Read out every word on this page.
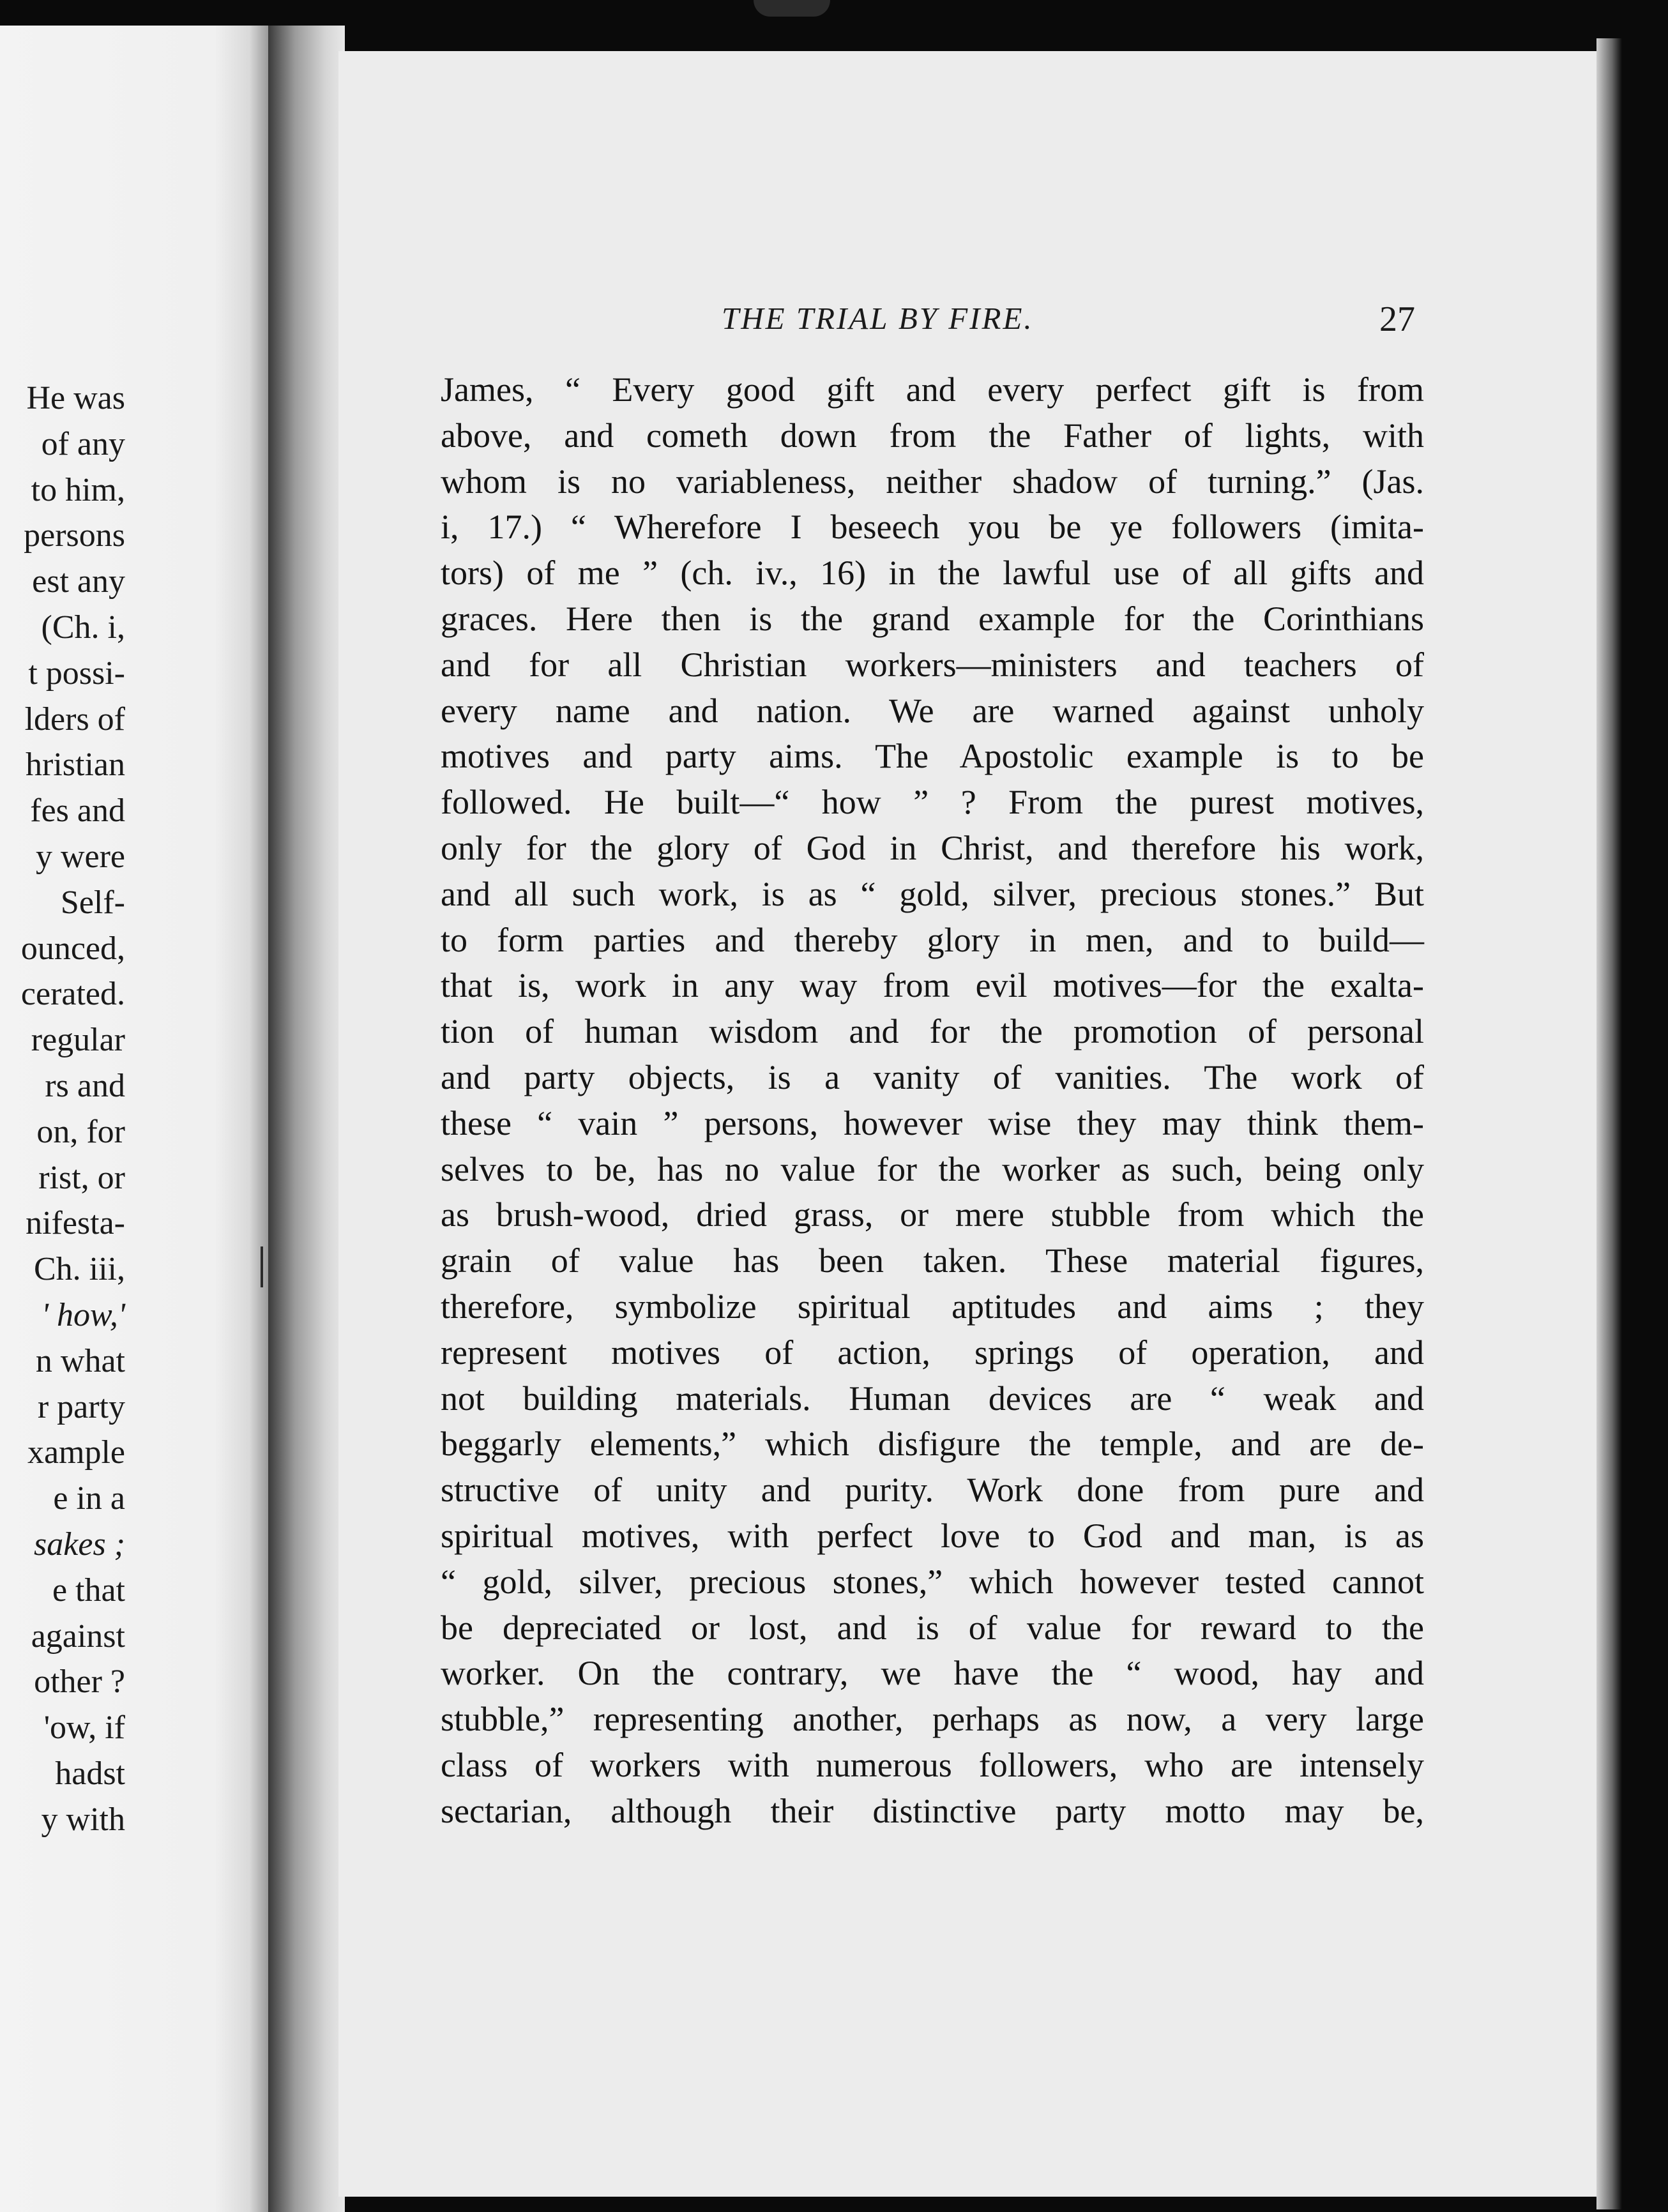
He was
of any
to him,
persons
est any
(Ch. i,
t possi-
lders of
hristian
fes and
y were
Self-
ounced,
cerated.
regular
rs and
on, for
rist, or
nifesta-
Ch. iii,
' how,'
n what
r party
xample
e in a
sakes ;
e that
against
other ?
'ow, if
hadst
y with
THE TRIAL BY FIRE.	27
James, “ Every good gift and every perfect gift is from
above, and cometh down from the Father of lights, with
whom is no variableness, neither shadow of turning.” (Jas.
i, 17.) “ Wherefore I beseech you be ye followers (imita-
tors) of me ” (ch. iv., 16) in the lawful use of all gifts and
graces. Here then is the grand example for the Corinthians
and for all Christian workers—ministers and teachers of
every name and nation. We are warned against unholy
motives and party aims. The Apostolic example is to be
followed. He built—“ how ” ? From the purest motives,
only for the glory of God in Christ, and therefore his work,
and all such work, is as “ gold, silver, precious stones.” But
to form parties and thereby glory in men, and to build—
that is, work in any way from evil motives—for the exalta-
tion of human wisdom and for the promotion of personal
and party objects, is a vanity of vanities. The work of
these “ vain ” persons, however wise they may think them-
selves to be, has no value for the worker as such, being only
as brush-wood, dried grass, or mere stubble from which the
grain of value has been taken. These material figures,
therefore, symbolize spiritual aptitudes and aims ; they
represent motives of action, springs of operation, and
not building materials. Human devices are “ weak and
beggarly elements,” which disfigure the temple, and are de-
structive of unity and purity. Work done from pure and
spiritual motives, with perfect love to God and man, is as
“ gold, silver, precious stones,” which however tested cannot
be depreciated or lost, and is of value for reward to the
worker. On the contrary, we have the “ wood, hay and
stubble,” representing another, perhaps as now, a very large
class of workers with numerous followers, who are intensely
sectarian, although their distinctive party motto may be,
